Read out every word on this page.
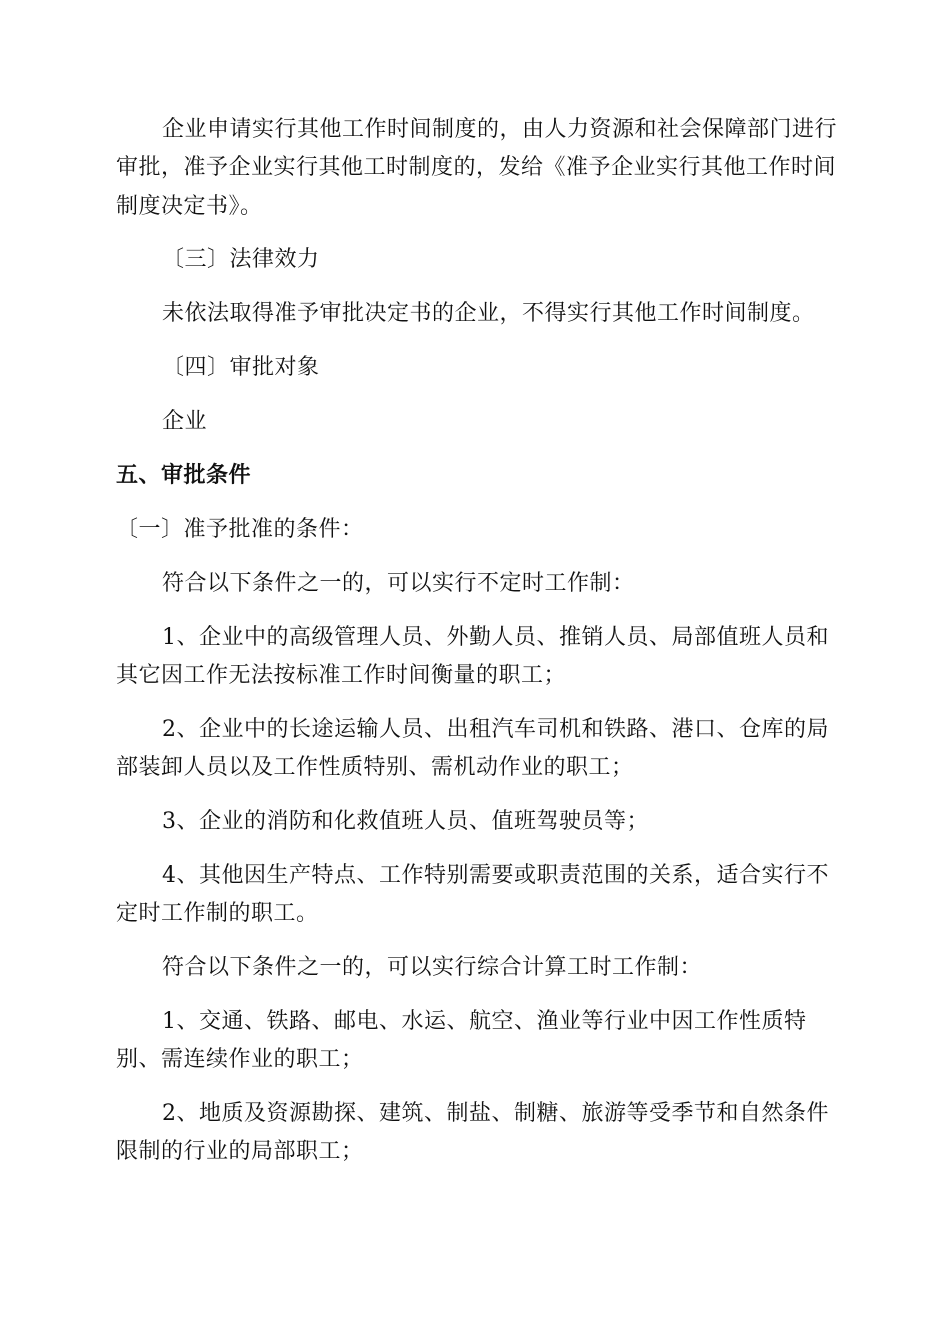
企业申请实行其他工作时间制度的，由人力资源和社会保障部门进行
审批，准予企业实行其他工时制度的，发给《准予企业实行其他工作时间
制度决定书》。
〔三〕法律效力
未依法取得准予审批决定书的企业，不得实行其他工作时间制度。
〔四〕审批对象
企业
五、审批条件
〔一〕准予批准的条件：
符合以下条件之一的，可以实行不定时工作制：
1、企业中的高级管理人员、外勤人员、推销人员、局部值班人员和
其它因工作无法按标准工作时间衡量的职工；
2、企业中的长途运输人员、出租汽车司机和铁路、港口、仓库的局
部装卸人员以及工作性质特别、需机动作业的职工；
3、企业的消防和化救值班人员、值班驾驶员等；
4、其他因生产特点、工作特别需要或职责范围的关系，适合实行不
定时工作制的职工。
符合以下条件之一的，可以实行综合计算工时工作制：
1、交通、铁路、邮电、水运、航空、渔业等行业中因工作性质特
别、需连续作业的职工；
2、地质及资源勘探、建筑、制盐、制糖、旅游等受季节和自然条件
限制的行业的局部职工；
